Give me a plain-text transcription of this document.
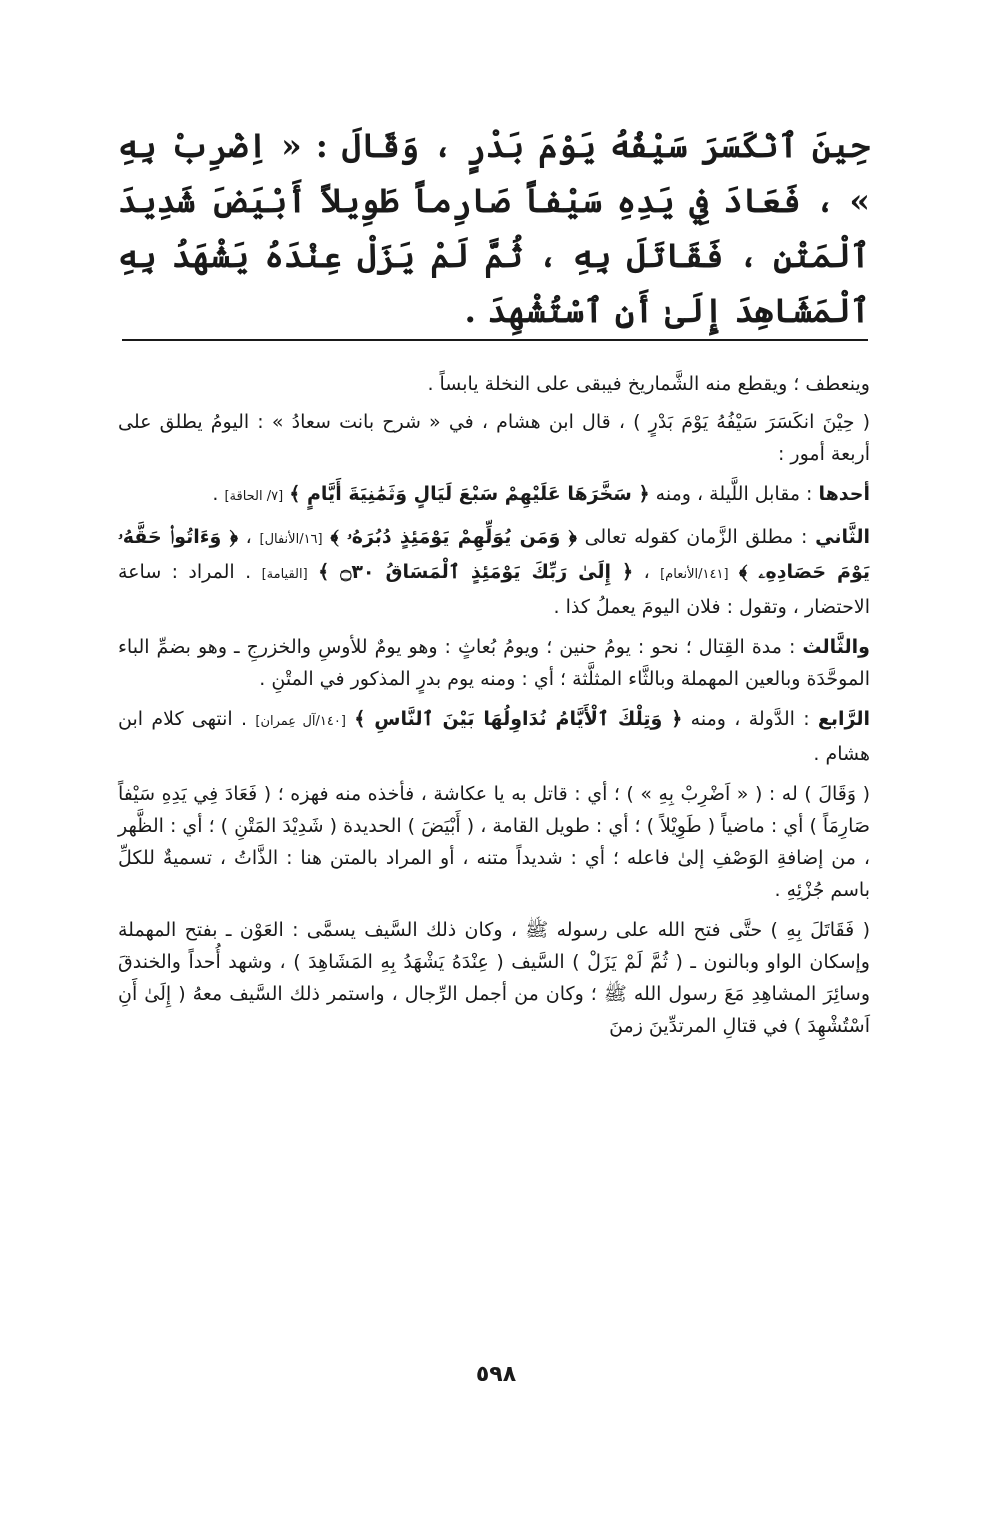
حِينَ ٱنْكَسَرَ سَيْفُهُ يَوْمَ بَدْرٍ ، وَقَالَ : « اِضْرِبْ بِهِ » ، فَعَادَ فِي يَدِهِ سَيْفاً صَارِماً طَوِيلاً أَبْيَضَ شَدِيدَ ٱلْمَتْنِ ، فَقَاتَلَ بِهِ ، ثُمَّ لَمْ يَزَلْ عِنْدَهُ يَشْهَدُ بِهِ ٱلْمَشَاهِدَ إِلَىٰ أَنِ ٱسْتُشْهِدَ .

وينعطف ؛ ويقطع منه الشَّماريخ فيبقى على النخلة يابساً .

( حِيْنَ انكَسَرَ سَيْفُهُ يَوْمَ بَدْرٍ ) ، قال ابن هشام ، في « شرح بانت سعادُ » : اليومُ يطلق على أربعة أمور :

أحدها : مقابل اللَّيلة ، ومنه ﴿ سَخَّرَهَا عَلَيْهِمْ سَبْعَ لَيَالٍ وَثَمَٰنِيَةَ أَيَّامٍ ﴾ [٧/ الحاقة] .

الثَّاني : مطلق الزَّمان كقوله تعالى ﴿ وَمَن يُوَلِّهِمْ يَوْمَئِذٍ دُبُرَهُۥ ﴾ [١٦/الأنفال] ، ﴿ وَءَاتُوا۟ حَقَّهُۥ يَوْمَ حَصَادِهِۦ ﴾ [١٤١/الأنعام] ، ﴿ إِلَىٰ رَبِّكَ يَوْمَئِذٍ ٱلْمَسَاقُ ۝٣٠ ﴾ [القيامة] . المراد : ساعة الاحتضار ، وتقول : فلان اليومَ يعملُ كذا .

والثَّالث : مدة القِتال ؛ نحو : يومُ حنين ؛ ويومُ بُعاثٍ : وهو يومٌ للأوسِ والخزرجِ ـ وهو بضمِّ الباء الموحَّدَة وبالعين المهملة وبالثَّاء المثلَّثة ؛ أي : ومنه يوم بدرٍ المذكور في المتْنِ .

الرَّابع : الدَّولة ، ومنه ﴿ وَتِلْكَ ٱلْأَيَّامُ نُدَاوِلُهَا بَيْنَ ٱلنَّاسِ ﴾ [١٤٠/آل عِمران] . انتهى كلام ابن هشام .

( وَقَالَ ) له : ( « اَضْرِبْ بِهِ » ) ؛ أي : قاتل به يا عكاشة ، فأخذه منه فهزه ؛ ( فَعَادَ فِي يَدِهِ سَيْفاً صَارِمَاً ) أي : ماضياً ( طَوِيْلاً ) ؛ أي : طويل القامة ، ( أَبْيَضَ ) الحديدة ( شَدِيْدَ المَتْنِ ) ؛ أي : الظَّهر ، من إضافةِ الوَصْفِ إلىٰ فاعله ؛ أي : شديداً متنه ، أو المراد بالمتن هنا : الذَّاتُ ، تسميةٌ للكلِّ باسم جُزْئِهِ .

( فَقَاتَلَ بِهِ ) حتَّى فتح الله على رسوله ﷺ ، وكان ذلك السَّيف يسمَّى : العَوْن ـ بفتح المهملة وإسكان الواو وبالنون ـ ( ثُمَّ لَمْ يَزَلْ ) السَّيف ( عِنْدَهُ يَشْهَدُ بِهِ المَشَاهِدَ ) ، وشهد أُحداً والخندقَ وسائِرَ المشاهِدِ مَعَ رسول الله ﷺ ؛ وكان من أجمل الرِّجال ، واستمر ذلك السَّيف معهُ ( إِلَىٰ أَنِ اَسْتُشْهِدَ ) في قتالِ المرتدِّينَ زمنَ

٥٩٨
